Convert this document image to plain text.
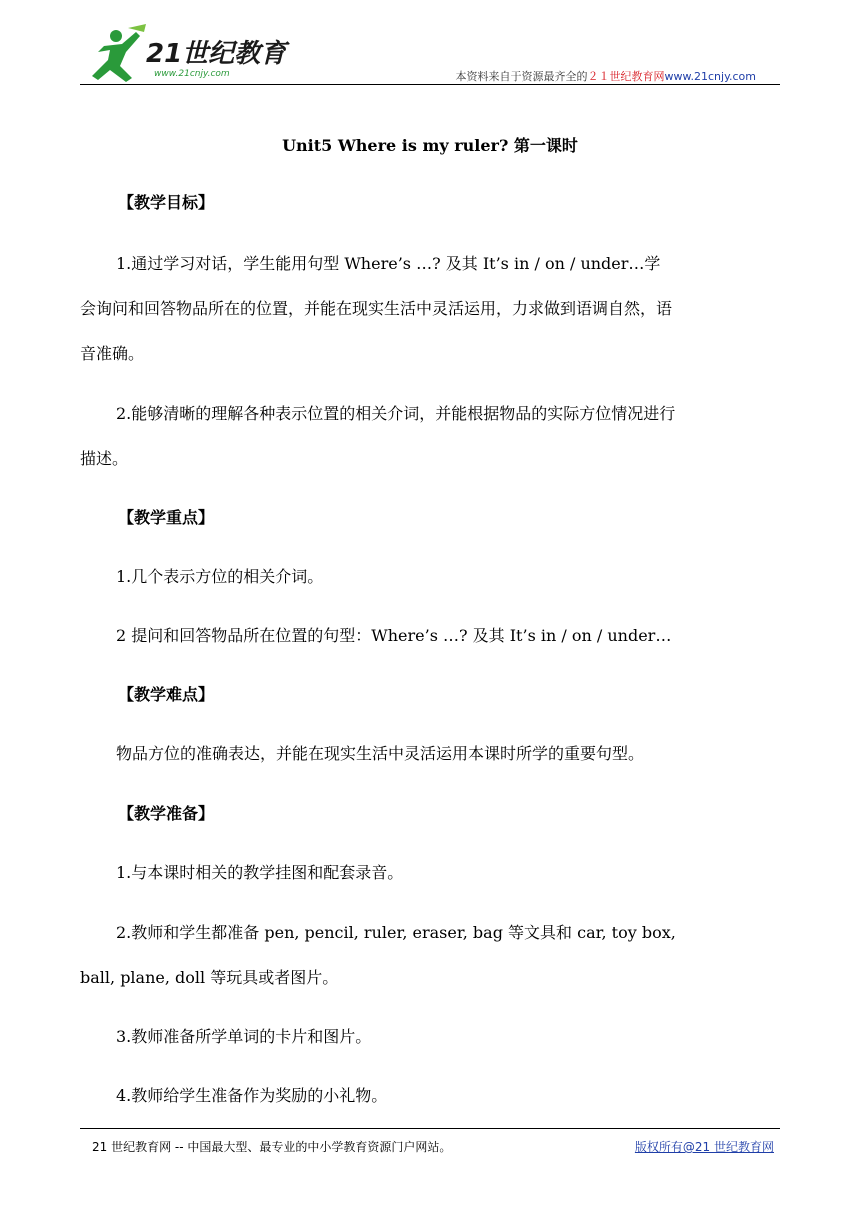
21世纪教育
www.21cnjy.com	本资料来自于资源最齐全的２１世纪教育网www.21cnjy.com
Unit5 Where is my ruler? 第一课时
【教学目标】
1.通过学习对话，学生能用句型 Where’s …? 及其 It’s in / on / under…学
会询问和回答物品所在的位置，并能在现实生活中灵活运用，力求做到语调自然，语
音准确。
2.能够清晰的理解各种表示位置的相关介词，并能根据物品的实际方位情况进行
描述。
【教学重点】
1.几个表示方位的相关介词。
2 提问和回答物品所在位置的句型：Where’s …? 及其 It’s in / on / under…
【教学难点】
物品方位的准确表达，并能在现实生活中灵活运用本课时所学的重要句型。
【教学准备】
1.与本课时相关的教学挂图和配套录音。
2.教师和学生都准备 pen, pencil, ruler, eraser, bag 等文具和 car, toy box,
ball, plane, doll 等玩具或者图片。
3.教师准备所学单词的卡片和图片。
4.教师给学生准备作为奖励的小礼物。
21 世纪教育网 -- 中国最大型、最专业的中小学教育资源门户网站。	版权所有@21 世纪教育网
